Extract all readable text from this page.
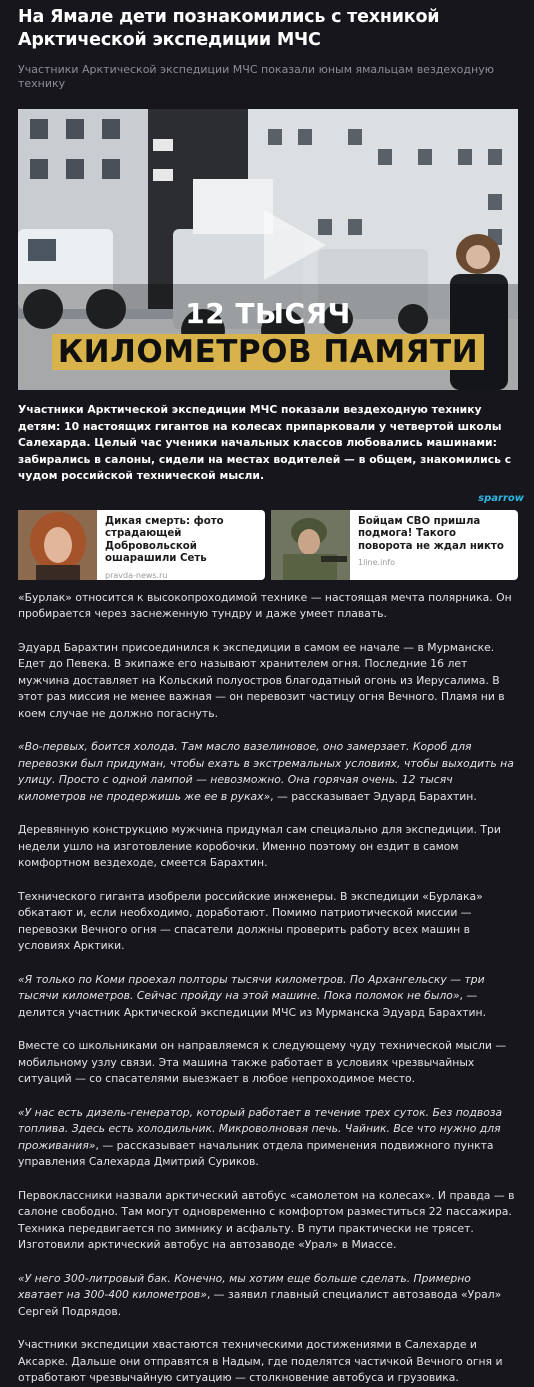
На Ямале дети познакомились с техникой Арктической экспедиции МЧС
Участники Арктической экспедиции МЧС показали юным ямальцам вездеходную технику
12 ТЫСЯЧ
КИЛОМЕТРОВ ПАМЯТИ

Участники Арктической экспедиции МЧС показали вездеходную технику детям: 10 настоящих гигантов на колесах припарковали у четвертой школы Салехарда. Целый час ученики начальных классов любовались машинами: забирались в салоны, сидели на местах водителей — в общем, знакомились с чудом российской технической мысли.

sparrow
Дикая смерть: фото страдающей Добровольской ошарашили Сеть
pravda-news.ru
Бойцам СВО пришла подмога! Такого поворота не ждал никто
1line.info

«Бурлак» относится к высокопроходимой технике — настоящая мечта полярника. Он пробирается через заснеженную тундру и даже умеет плавать.

Эдуард Барахтин присоединился к экспедиции в самом ее начале — в Мурманске. Едет до Певека. В экипаже его называют хранителем огня. Последние 16 лет мужчина доставляет на Кольский полуостров благодатный огонь из Иерусалима. В этот раз миссия не менее важная — он перевозит частицу огня Вечного. Пламя ни в коем случае не должно погаснуть.

«Во-первых, боится холода. Там масло вазелиновое, оно замерзает. Короб для перевозки был придуман, чтобы ехать в экстремальных условиях, чтобы выходить на улицу. Просто с одной лампой — невозможно. Она горячая очень. 12 тысяч километров не продержишь же ее в руках», — рассказывает Эдуард Барахтин.

Деревянную конструкцию мужчина придумал сам специально для экспедиции. Три недели ушло на изготовление коробочки. Именно поэтому он ездит в самом комфортном вездеходе, смеется Барахтин.

Технического гиганта изобрели российские инженеры. В экспедиции «Бурлака» обкатают и, если необходимо, доработают. Помимо патриотической миссии — перевозки Вечного огня — спасатели должны проверить работу всех машин в условиях Арктики.

«Я только по Коми проехал полторы тысячи километров. По Архангельску — три тысячи километров. Сейчас пройду на этой машине. Пока поломок не было», — делится участник Арктической экспедиции МЧС из Мурманска Эдуард Барахтин.

Вместе со школьниками он направляемся к следующему чуду технической мысли — мобильному узлу связи. Эта машина также работает в условиях чрезвычайных ситуаций — со спасателями выезжает в любое непроходимое место.

«У нас есть дизель-генератор, который работает в течение трех суток. Без подвоза топлива. Здесь есть холодильник. Микроволновая печь. Чайник. Все что нужно для проживания», — рассказывает начальник отдела применения подвижного пункта управления Салехарда Дмитрий Суриков.

Первоклассники назвали арктический автобус «самолетом на колесах». И правда — в салоне свободно. Там могут одновременно с комфортом разместиться 22 пассажира. Техника передвигается по зимнику и асфальту. В пути практически не трясет. Изготовили арктический автобус на автозаводе «Урал» в Миассе.

«У него 300-литровый бак. Конечно, мы хотим еще больше сделать. Примерно хватает на 300-400 километров», — заявил главный специалист автозавода «Урал» Сергей Подрядов.

Участники экспедиции хвастаются техническими достижениями в Салехарде и Аксарке. Дальше они отправятся в Надым, где поделятся частичкой Вечного огня и отработают чрезвычайную ситуацию — столкновение автобуса и грузовика.
